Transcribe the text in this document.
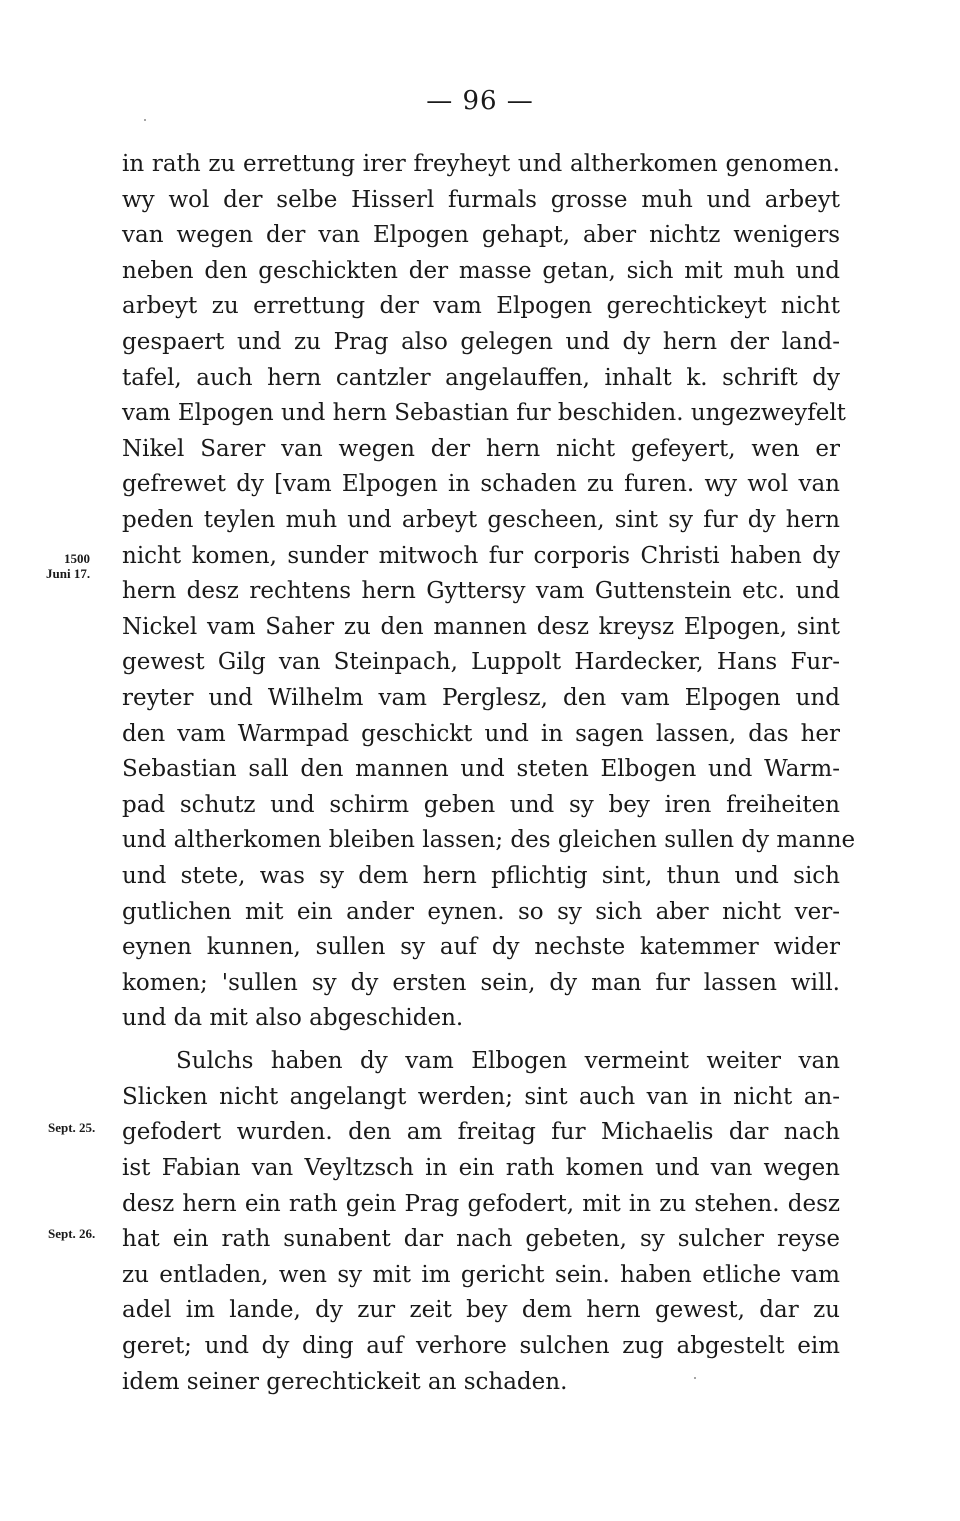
— 96 —
in rath zu errettung irer freyheyt und altherkomen genomen.
wy wol der selbe Hisserl furmals grosse muh und arbeyt
van wegen der van Elpogen gehapt, aber nichtz wenigers
neben den geschickten der masse getan, sich mit muh und
arbeyt zu errettung der vam Elpogen gerechtickeyt nicht
gespaert und zu Prag also gelegen und dy hern der land-
tafel, auch hern cantzler angelauffen, inhalt k. schrift dy
vam Elpogen und hern Sebastian fur beschiden. ungezweyfelt
Nikel Sarer van wegen der hern nicht gefeyert, wen er
gefrewet dy [vam Elpogen in schaden zu furen. wy wol van
peden teylen muh und arbeyt gescheen, sint sy fur dy hern
nicht komen, sunder mitwoch fur corporis Christi haben dy
hern desz rechtens hern Gyttersy vam Guttenstein etc. und
Nickel vam Saher zu den mannen desz kreysz Elpogen, sint
gewest Gilg van Steinpach, Luppolt Hardecker, Hans Fur-
reyter und Wilhelm vam Perglesz, den vam Elpogen und
den vam Warmpad geschickt und in sagen lassen, das her
Sebastian sall den mannen und steten Elbogen und Warm-
pad schutz und schirm geben und sy bey iren freiheiten
und altherkomen bleiben lassen; des gleichen sullen dy manne
und stete, was sy dem hern pflichtig sint, thun und sich
gutlichen mit ein ander eynen. so sy sich aber nicht ver-
eynen kunnen, sullen sy auf dy nechste katemmer wider
komen; 'sullen sy dy ersten sein, dy man fur lassen will.
und da mit also abgeschiden.
Sulchs haben dy vam Elbogen vermeint weiter van
Slicken nicht angelangt werden; sint auch van in nicht an-
gefodert wurden. den am freitag fur Michaelis dar nach
ist Fabian van Veyltzsch in ein rath komen und van wegen
desz hern ein rath gein Prag gefodert, mit in zu stehen. desz
hat ein rath sunabent dar nach gebeten, sy sulcher reyse
zu entladen, wen sy mit im gericht sein. haben etliche vam
adel im lande, dy zur zeit bey dem hern gewest, dar zu
geret; und dy ding auf verhore sulchen zug abgestelt eim
idem seiner gerechtickeit an schaden.
1500
Juni 17.
Sept. 25.
Sept. 26.
